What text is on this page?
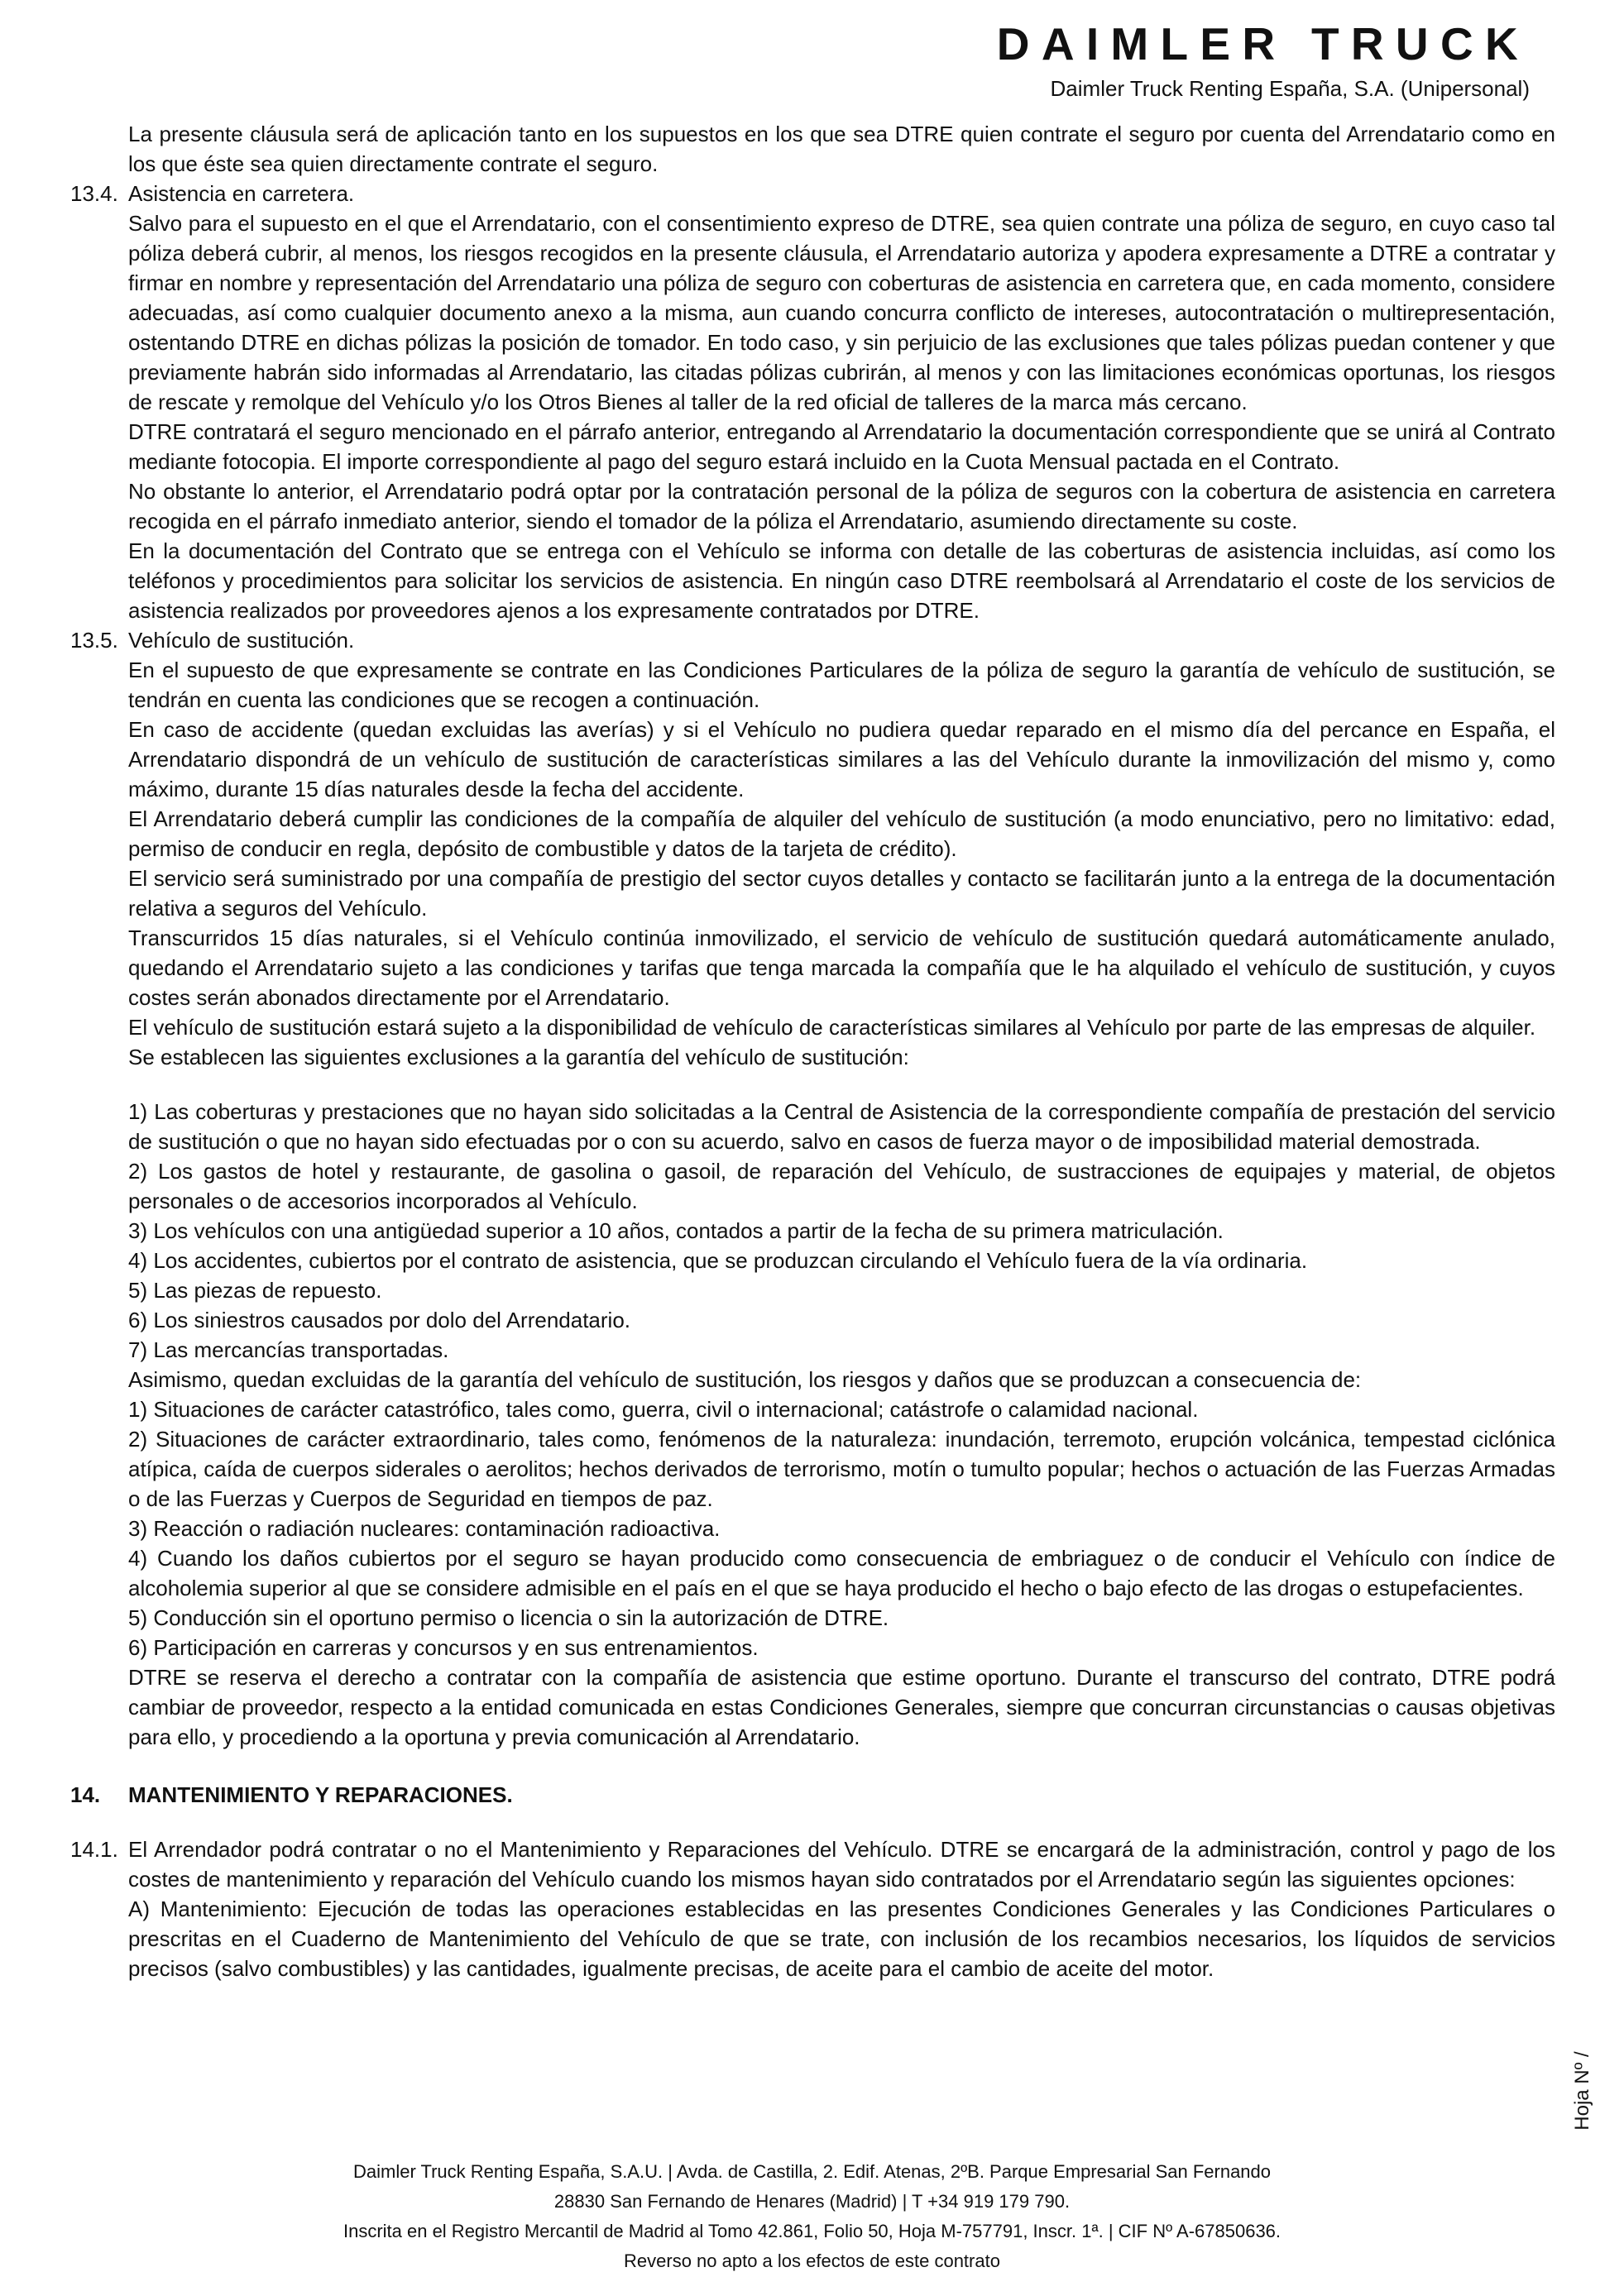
DAIMLER TRUCK
Daimler Truck Renting España, S.A. (Unipersonal)
La presente cláusula será de aplicación tanto en los supuestos en los que sea DTRE quien contrate el seguro por cuenta del Arrendatario como en los que éste sea quien directamente contrate el seguro.
13.4. Asistencia en carretera.
Salvo para el supuesto en el que el Arrendatario, con el consentimiento expreso de DTRE, sea quien contrate una póliza de seguro, en cuyo caso tal póliza deberá cubrir, al menos, los riesgos recogidos en la presente cláusula, el Arrendatario autoriza y apodera expresamente a DTRE a contratar y firmar en nombre y representación del Arrendatario una póliza de seguro con coberturas de asistencia en carretera que, en cada momento, considere adecuadas, así como cualquier documento anexo a la misma, aun cuando concurra conflicto de intereses, autocontratación o multirepresentación, ostentando DTRE en dichas pólizas la posición de tomador. En todo caso, y sin perjuicio de las exclusiones que tales pólizas puedan contener y que previamente habrán sido informadas al Arrendatario, las citadas pólizas cubrirán, al menos y con las limitaciones económicas oportunas, los riesgos de rescate y remolque del Vehículo y/o los Otros Bienes al taller de la red oficial de talleres de la marca más cercano.
DTRE contratará el seguro mencionado en el párrafo anterior, entregando al Arrendatario la documentación correspondiente que se unirá al Contrato mediante fotocopia. El importe correspondiente al pago del seguro estará incluido en la Cuota Mensual pactada en el Contrato.
No obstante lo anterior, el Arrendatario podrá optar por la contratación personal de la póliza de seguros con la cobertura de asistencia en carretera recogida en el párrafo inmediato anterior, siendo el tomador de la póliza el Arrendatario, asumiendo directamente su coste.
En la documentación del Contrato que se entrega con el Vehículo se informa con detalle de las coberturas de asistencia incluidas, así como los teléfonos y procedimientos para solicitar los servicios de asistencia. En ningún caso DTRE reembolsará al Arrendatario el coste de los servicios de asistencia realizados por proveedores ajenos a los expresamente contratados por DTRE.
13.5. Vehículo de sustitución.
En el supuesto de que expresamente se contrate en las Condiciones Particulares de la póliza de seguro la garantía de vehículo de sustitución, se tendrán en cuenta las condiciones que se recogen a continuación.
En caso de accidente (quedan excluidas las averías) y si el Vehículo no pudiera quedar reparado en el mismo día del percance en España, el Arrendatario dispondrá de un vehículo de sustitución de características similares a las del Vehículo durante la inmovilización del mismo y, como máximo, durante 15 días naturales desde la fecha del accidente.
El Arrendatario deberá cumplir las condiciones de la compañía de alquiler del vehículo de sustitución (a modo enunciativo, pero no limitativo: edad, permiso de conducir en regla, depósito de combustible y datos de la tarjeta de crédito).
El servicio será suministrado por una compañía de prestigio del sector cuyos detalles y contacto se facilitarán junto a la entrega de la documentación relativa a seguros del Vehículo.
Transcurridos 15 días naturales, si el Vehículo continúa inmovilizado, el servicio de vehículo de sustitución quedará automáticamente anulado, quedando el Arrendatario sujeto a las condiciones y tarifas que tenga marcada la compañía que le ha alquilado el vehículo de sustitución, y cuyos costes serán abonados directamente por el Arrendatario.
El vehículo de sustitución estará sujeto a la disponibilidad de vehículo de características similares al Vehículo por parte de las empresas de alquiler.
Se establecen las siguientes exclusiones a la garantía del vehículo de sustitución:
1) Las coberturas y prestaciones que no hayan sido solicitadas a la Central de Asistencia de la correspondiente compañía de prestación del servicio de sustitución o que no hayan sido efectuadas por o con su acuerdo, salvo en casos de fuerza mayor o de imposibilidad material demostrada.
2) Los gastos de hotel y restaurante, de gasolina o gasoil, de reparación del Vehículo, de sustracciones de equipajes y material, de objetos personales o de accesorios incorporados al Vehículo.
3) Los vehículos con una antigüedad superior a 10 años, contados a partir de la fecha de su primera matriculación.
4) Los accidentes, cubiertos por el contrato de asistencia, que se produzcan circulando el Vehículo fuera de la vía ordinaria.
5) Las piezas de repuesto.
6) Los siniestros causados por dolo del Arrendatario.
7) Las mercancías transportadas.
Asimismo, quedan excluidas de la garantía del vehículo de sustitución, los riesgos y daños que se produzcan a consecuencia de:
1) Situaciones de carácter catastrófico, tales como, guerra, civil o internacional; catástrofe o calamidad nacional.
2) Situaciones de carácter extraordinario, tales como, fenómenos de la naturaleza: inundación, terremoto, erupción volcánica, tempestad ciclónica atípica, caída de cuerpos siderales o aerolitos; hechos derivados de terrorismo, motín o tumulto popular; hechos o actuación de las Fuerzas Armadas o de las Fuerzas y Cuerpos de Seguridad en tiempos de paz.
3) Reacción o radiación nucleares: contaminación radioactiva.
4) Cuando los daños cubiertos por el seguro se hayan producido como consecuencia de embriaguez o de conducir el Vehículo con índice de alcoholemia superior al que se considere admisible en el país en el que se haya producido el hecho o bajo efecto de las drogas o estupefacientes.
5) Conducción sin el oportuno permiso o licencia o sin la autorización de DTRE.
6) Participación en carreras y concursos y en sus entrenamientos.
DTRE se reserva el derecho a contratar con la compañía de asistencia que estime oportuno. Durante el transcurso del contrato, DTRE podrá cambiar de proveedor, respecto a la entidad comunicada en estas Condiciones Generales, siempre que concurran circunstancias o causas objetivas para ello, y procediendo a la oportuna y previa comunicación al Arrendatario.
14.	MANTENIMIENTO Y REPARACIONES.
14.1. El Arrendador podrá contratar o no el Mantenimiento y Reparaciones del Vehículo. DTRE se encargará de la administración, control y pago de los costes de mantenimiento y reparación del Vehículo cuando los mismos hayan sido contratados por el Arrendatario según las siguientes opciones:
A) Mantenimiento: Ejecución de todas las operaciones establecidas en las presentes Condiciones Generales y las Condiciones Particulares o prescritas en el Cuaderno de Mantenimiento del Vehículo de que se trate, con inclusión de los recambios necesarios, los líquidos de servicios precisos (salvo combustibles) y las cantidades, igualmente precisas, de aceite para el cambio de aceite del motor.
Hoja Nº /
Daimler Truck Renting España, S.A.U. | Avda. de Castilla, 2. Edif. Atenas, 2ºB. Parque Empresarial San Fernando
28830 San Fernando de Henares (Madrid) | T +34 919 179 790.
Inscrita en el Registro Mercantil de Madrid al Tomo 42.861, Folio 50, Hoja M-757791, Inscr. 1ª. | CIF Nº A-67850636.
Reverso no apto a los efectos de este contrato
